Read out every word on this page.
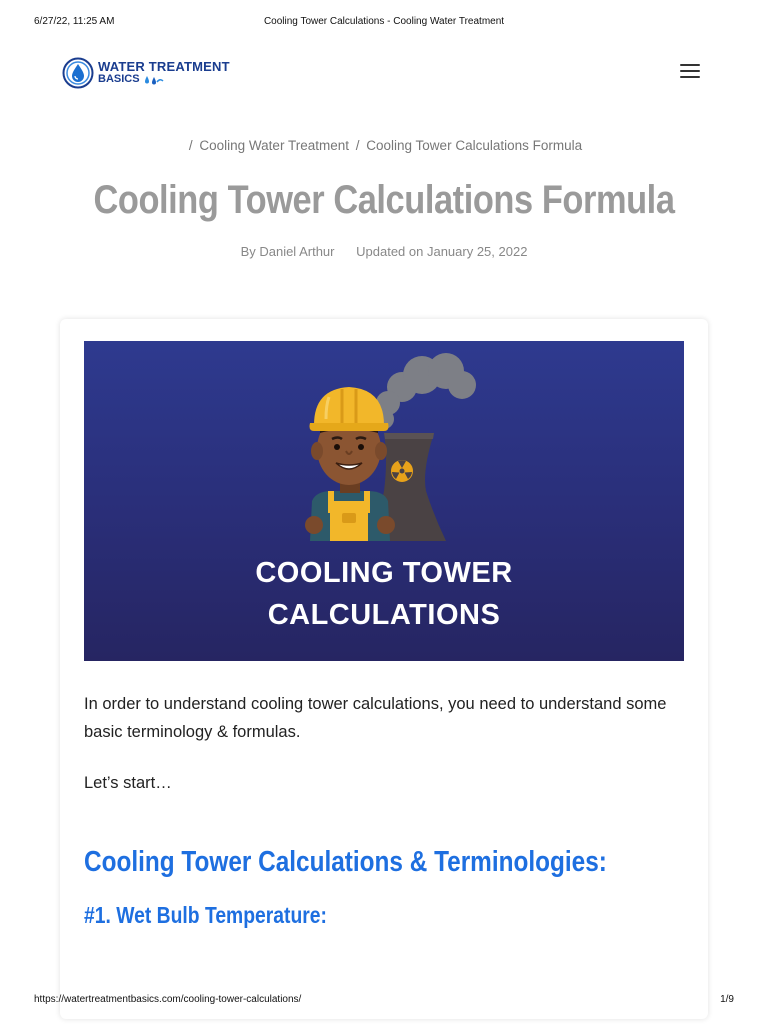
6/27/22, 11:25 AM	Cooling Tower Calculations - Cooling Water Treatment
WATER TREATMENT
BASICS
/ Cooling Water Treatment / Cooling Tower Calculations Formula
Cooling Tower Calculations Formula
By Daniel Arthur Updated on January 25, 2022
COOLING TOWER
CALCULATIONS

In order to understand cooling tower calculations, you need to understand some basic terminology & formulas.

Let’s start…

Cooling Tower Calculations & Terminologies:
#1. Wet Bulb Temperature:
https://watertreatmentbasics.com/cooling-tower-calculations/	1/9
